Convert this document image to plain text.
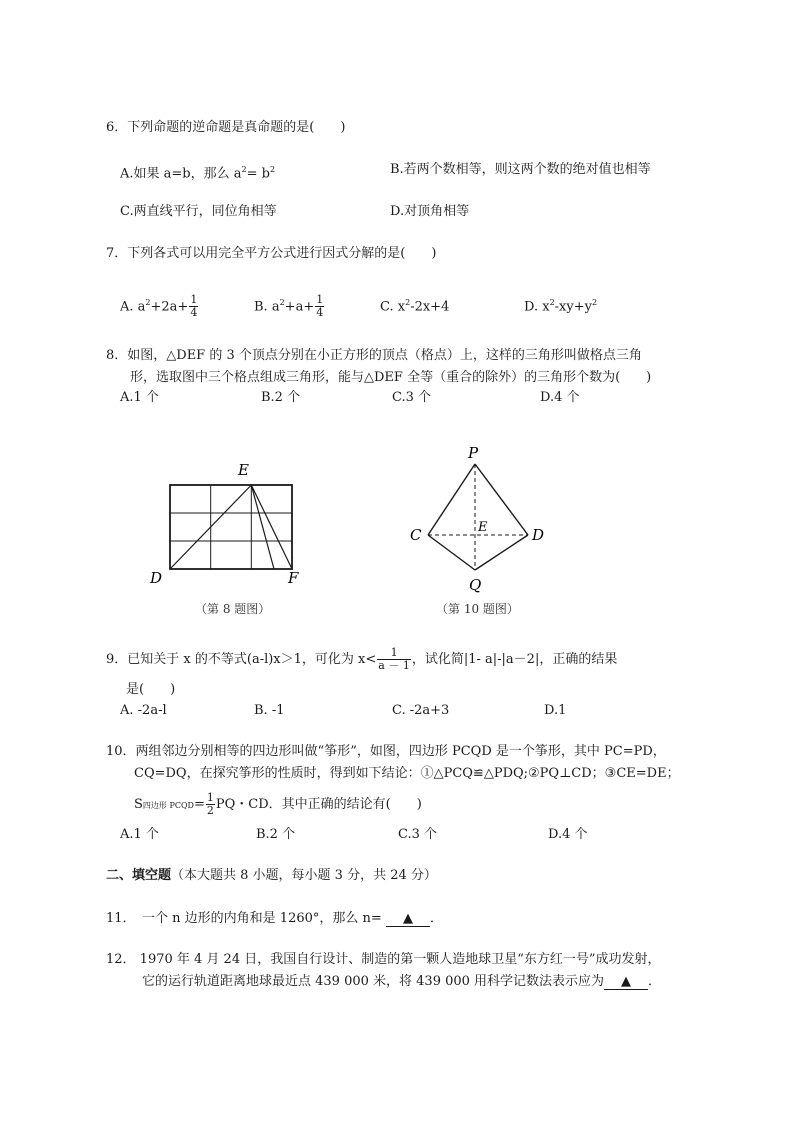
6．下列命题的逆命题是真命题的是(　　)
A.如果 a=b，那么 $a^2= b^2$	B.若两个数相等，则这两个数的绝对值也相等
C.两直线平行，同位角相等	D.对顶角相等
7．下列各式可以用完全平方公式进行因式分解的是(　　)
A. $a^2+2a+ \frac{1}{4}$	B. $a^2+a+ \frac{1}{4}$	C. $x^2-2x+4$	D. $x^2-xy+y^2$
8．如图，△DEF 的 3 个顶点分别在小正方形的顶点（格点）上，这样的三角形叫做格点三角
形，选取图中三个格点组成三角形，能与△DEF 全等（重合的除外）的三角形个数为(　　)
A.1 个	B.2 个	C.3 个	D.4 个
E
D	F
（第 8 题图）
P
C	E	D
Q
（第 10 题图）
9．已知关于 x 的不等式(a-l)x＞1，可化为 $x< \frac{1}{a - 1}$ ，试化简|1- a|-|a－2|，正确的结果
是(　　)
A. -2a-l	B. -1	C. -2a+3	D.1
10．两组邻边分别相等的四边形叫做“筝形”，如图，四边形 PCQD 是一个筝形，其中 PC=PD，
CQ=DQ，在探究筝形的性质时，得到如下结论：①△PCQ≌△PDQ;②PQ⊥CD；③CE=DE；
S四边形 PCQD= $\frac{1}{2}$ PQ・CD．其中正确的结论有(　　)
A.1 个	B.2 个	C.3 个	D.4 个
二、填空题（本大题共 8 小题，每小题 3 分，共 24 分）
11．　一个 n 边形的内角和是 1260°，那么 n= ▲ ．
12． 1970 年 4 月 24 日，我国自行设计、制造的第一颗人造地球卫星“东方红一号”成功发射，
它的运行轨道距离地球最近点 439 000 米，将 439 000 用科学记数法表示应为 ▲ ．
